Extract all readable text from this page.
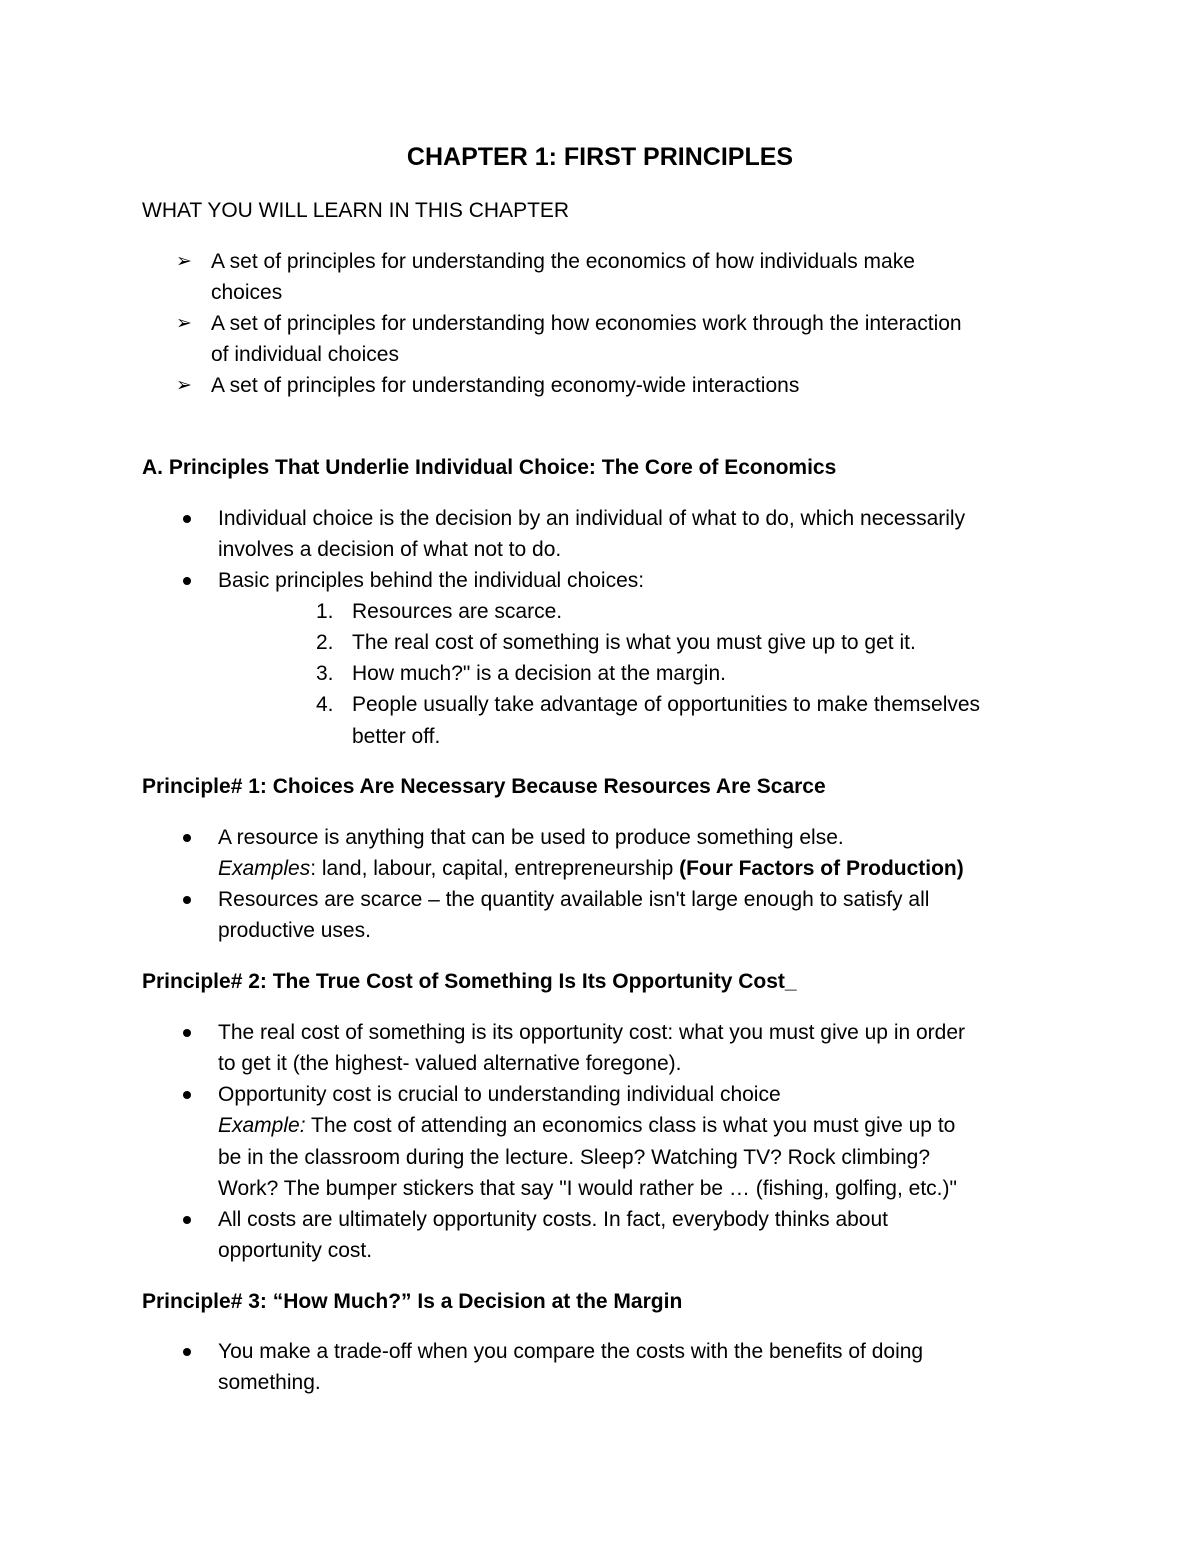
CHAPTER 1: FIRST PRINCIPLES
WHAT YOU WILL LEARN IN THIS CHAPTER
➢ A set of principles for understanding the economics of how individuals make
choices
➢ A set of principles for understanding how economies work through the interaction
of individual choices
➢ A set of principles for understanding economy-wide interactions
A. Principles That Underlie Individual Choice: The Core of Economics
Individual choice is the decision by an individual of what to do, which necessarily
involves a decision of what not to do.
Basic principles behind the individual choices:
1. Resources are scarce.
2. The real cost of something is what you must give up to get it.
3. How much?" is a decision at the margin.
4. People usually take advantage of opportunities to make themselves
better off.
Principle# 1: Choices Are Necessary Because Resources Are Scarce
A resource is anything that can be used to produce something else.
Examples: land, labour, capital, entrepreneurship (Four Factors of Production)
Resources are scarce – the quantity available isn't large enough to satisfy all
productive uses.
Principle# 2: The True Cost of Something Is Its Opportunity Cost_
The real cost of something is its opportunity cost: what you must give up in order
to get it (the highest- valued alternative foregone).
Opportunity cost is crucial to understanding individual choice
Example: The cost of attending an economics class is what you must give up to
be in the classroom during the lecture. Sleep? Watching TV? Rock climbing?
Work? The bumper stickers that say "I would rather be … (fishing, golfing, etc.)"
All costs are ultimately opportunity costs. In fact, everybody thinks about
opportunity cost.
Principle# 3: “How Much?” Is a Decision at the Margin
You make a trade-off when you compare the costs with the benefits of doing
something.
